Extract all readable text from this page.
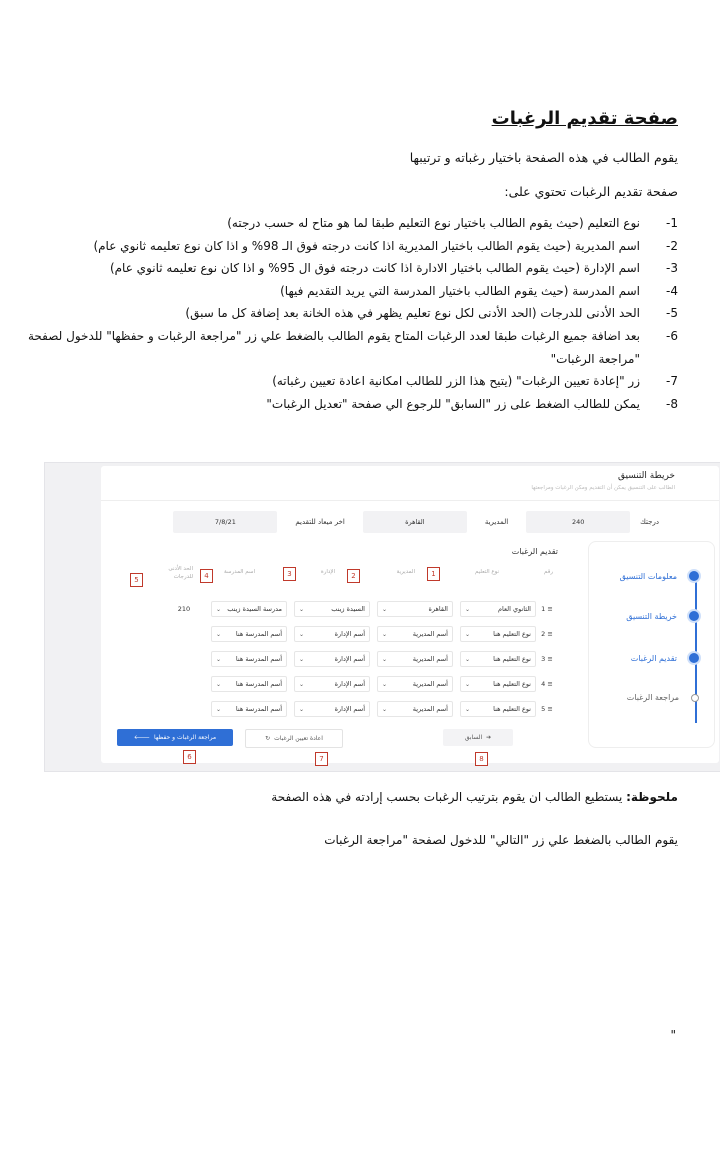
صفحة تقديم الرغبات
يقوم الطالب في هذه الصفحة باختيار رغباته و ترتيبها
صفحة تقديم الرغبات تحتوي على:
1-
نوع التعليم (حيث يقوم الطالب باختيار نوع التعليم طبقا لما هو متاح له حسب درجته)
2-
اسم المديرية (حيث يقوم الطالب باختيار المديرية اذا كانت درجته فوق الـ 98% و اذا كان نوع تعليمه ثانوي عام)
3-
اسم الإدارة (حيث يقوم الطالب باختيار الادارة اذا كانت درجته فوق ال 95% و اذا كان نوع تعليمه ثانوي عام)
4-
اسم المدرسة (حيث يقوم الطالب باختيار المدرسة التي يريد التقديم فيها)
5-
الحد الأدنى للدرجات (الحد الأدنى لكل نوع تعليم يظهر في هذه الخانة بعد إضافة كل ما سبق)
6-
بعد اضافة جميع الرغبات طبقا لعدد الرغبات المتاح يقوم الطالب بالضغط علي زر "مراجعة الرغبات و حفظها" للدخول لصفحة "مراجعة الرغبات"
7-
زر "إعادة تعيين الرغبات" (يتيح هذا الزر للطالب امكانية اعادة تعيين رغباته)
8-
يمكن للطالب الضغط على زر "السابق" للرجوع الي صفحة "تعديل الرغبات"
خريطة التنسيق
الطالب على التنسيق يمكن أن التقديم ومكن الرغبات ومراجعتها
درجتك
240
المديرية
القاهرة
اخر ميعاد للتقديم
7/8/21
معلومات التنسيق
خريطة التنسيق
تقديم الرغبات
مراجعة الرغبات
تقديم الرغبات
رقم
نوع التعليم
المديرية
الإدارة
اسم المدرسة
الحد الأدنى للدرجات	1
2
3
4
5
≡ 1
الثانوي العام
⌄
القاهرة
⌄
السيدة زينب
⌄
مدرسة السيدة زينب
⌄
210
≡ 2
نوع التعليم هنا
⌄
أسم المديرية
⌄
أسم الإدارة
⌄
أسم المدرسة هنا
⌄
≡ 3
نوع التعليم هنا
⌄
أسم المديرية
⌄
أسم الإدارة
⌄
أسم المدرسة هنا
⌄
≡ 4
نوع التعليم هنا
⌄
أسم المديرية
⌄
أسم الإدارة
⌄
أسم المدرسة هنا
⌄
≡ 5
نوع التعليم هنا
⌄
أسم المديرية
⌄
أسم الإدارة
⌄
أسم المدرسة هنا
⌄
➔
السابق
اعادة تعيين الرغبات
↻
مراجعة الرغبات و حفظها
🡐
8
7
6
ملحوظة: يستطيع الطالب ان يقوم بترتيب الرغبات بحسب إرادته في هذه الصفحة
يقوم الطالب بالضغط علي زر "التالي" للدخول لصفحة "مراجعة الرغبات
"
